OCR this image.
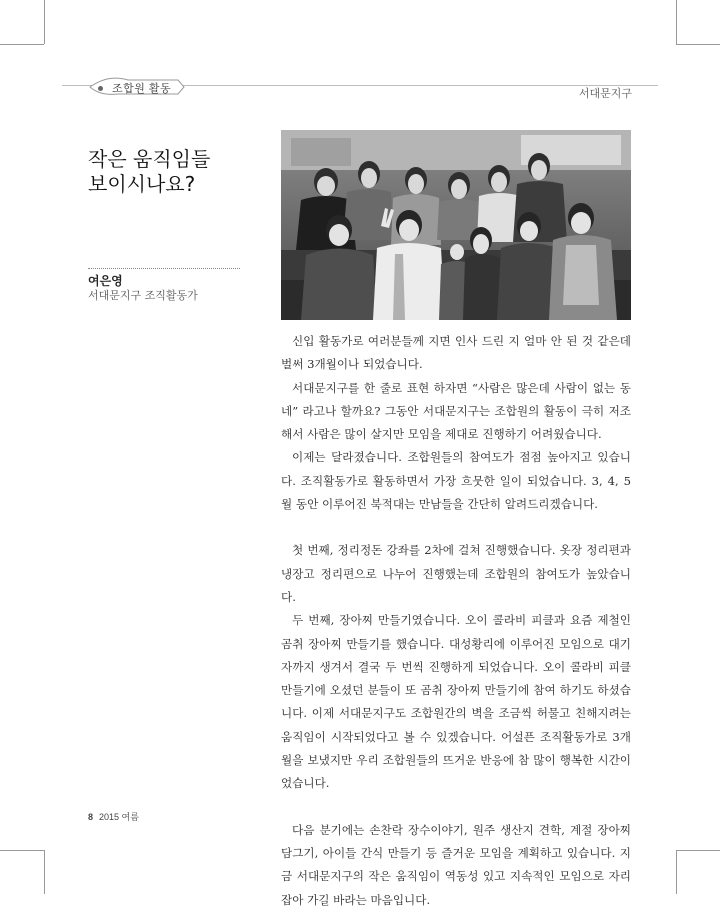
조합원 활동	서대문지구
작은 움직임들
보이시나요?
여은영
서대문지구 조직활동가

신입 활동가로 여러분들께 지면 인사 드린 지 얼마 안 된 것 같은데 벌써 3개월이나 되었습니다.

서대문지구를 한 줄로 표현 하자면 “사람은 많은데 사람이 없는 동네” 라고나 할까요? 그동안 서대문지구는 조합원의 활동이 극히 저조해서 사람은 많이 살지만 모임을 제대로 진행하기 어려웠습니다.

이제는 달라졌습니다. 조합원들의 참여도가 점점 높아지고 있습니다. 조직활동가로 활동하면서 가장 흐뭇한 일이 되었습니다. 3, 4, 5월 동안 이루어진 북적대는 만남들을 간단히 알려드리겠습니다.

첫 번째, 정리정돈 강좌를 2차에 걸쳐 진행했습니다. 옷장 정리편과 냉장고 정리편으로 나누어 진행했는데 조합원의 참여도가 높았습니다.

두 번째, 장아찌 만들기였습니다. 오이 콜라비 피클과 요즘 제철인 곰취 장아찌 만들기를 했습니다. 대성황리에 이루어진 모임으로 대기자까지 생겨서 결국 두 번씩 진행하게 되었습니다. 오이 콜라비 피클 만들기에 오셨던 분들이 또 곰취 장아찌 만들기에 참여 하기도 하셨습니다. 이제 서대문지구도 조합원간의 벽을 조금씩 허물고 친해지려는 움직임이 시작되었다고 볼 수 있겠습니다. 어설픈 조직활동가로 3개월을 보냈지만 우리 조합원들의 뜨거운 반응에 참 많이 행복한 시간이었습니다.

다음 분기에는 손찬락 장수이야기, 원주 생산지 견학, 계절 장아찌 담그기, 아이들 간식 만들기 등 즐거운 모임을 계획하고 있습니다. 지금 서대문지구의 작은 움직임이 역동성 있고 지속적인 모임으로 자리 잡아 가길 바라는 마음입니다.

8 2015 여름
